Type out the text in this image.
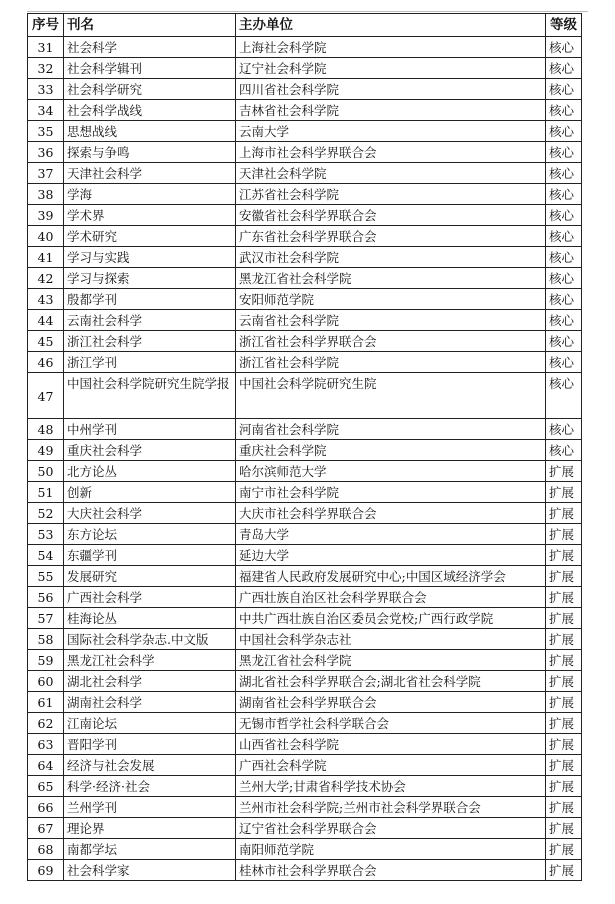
序号	刊名	主办单位	等级
31	社会科学	上海社会科学院	核心
32	社会科学辑刊	辽宁社会科学院	核心
33	社会科学研究	四川省社会科学院	核心
34	社会科学战线	吉林省社会科学院	核心
35	思想战线	云南大学	核心
36	探索与争鸣	上海市社会科学界联合会	核心
37	天津社会科学	天津社会科学院	核心
38	学海	江苏省社会科学院	核心
39	学术界	安徽省社会科学界联合会	核心
40	学术研究	广东省社会科学界联合会	核心
41	学习与实践	武汉市社会科学院	核心
42	学习与探索	黑龙江省社会科学院	核心
43	殷都学刊	安阳师范学院	核心
44	云南社会科学	云南省社会科学院	核心
45	浙江社会科学	浙江省社会科学界联合会	核心
46	浙江学刊	浙江省社会科学院	核心
47	中国社会科学院研究生院学报	中国社会科学院研究生院	核心
48	中州学刊	河南省社会科学院	核心
49	重庆社会科学	重庆社会科学院	核心
50	北方论丛	哈尔滨师范大学	扩展
51	创新	南宁市社会科学院	扩展
52	大庆社会科学	大庆市社会科学界联合会	扩展
53	东方论坛	青岛大学	扩展
54	东疆学刊	延边大学	扩展
55	发展研究	福建省人民政府发展研究中心;中国区域经济学会	扩展
56	广西社会科学	广西壮族自治区社会科学界联合会	扩展
57	桂海论丛	中共广西壮族自治区委员会党校;广西行政学院	扩展
58	国际社会科学杂志.中文版	中国社会科学杂志社	扩展
59	黑龙江社会科学	黑龙江省社会科学院	扩展
60	湖北社会科学	湖北省社会科学界联合会;湖北省社会科学院	扩展
61	湖南社会科学	湖南省社会科学界联合会	扩展
62	江南论坛	无锡市哲学社会科学联合会	扩展
63	晋阳学刊	山西省社会科学院	扩展
64	经济与社会发展	广西社会科学院	扩展
65	科学·经济·社会	兰州大学;甘肃省科学技术协会	扩展
66	兰州学刊	兰州市社会科学院;兰州市社会科学界联合会	扩展
67	理论界	辽宁省社会科学界联合会	扩展
68	南都学坛	南阳师范学院	扩展
69	社会科学家	桂林市社会科学界联合会	扩展
